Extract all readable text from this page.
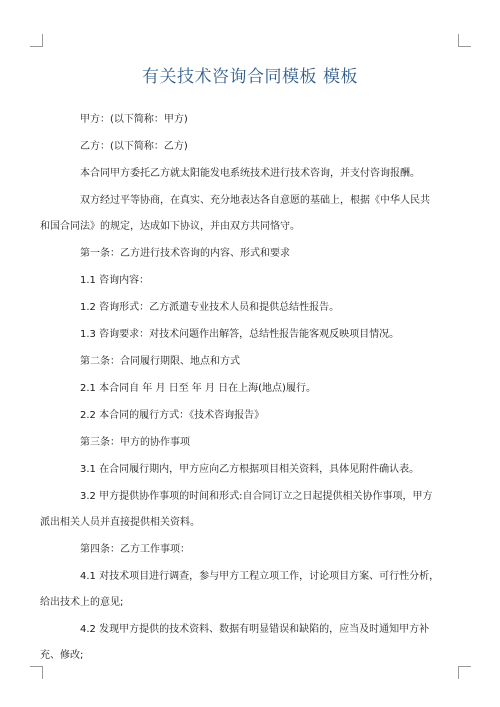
有关技术咨询合同模板 模板

甲方：(以下简称：甲方)

乙方：(以下简称：乙方)

本合同甲方委托乙方就太阳能发电系统技术进行技术咨询，并支付咨询报酬。

双方经过平等协商，在真实、充分地表达各自意愿的基础上，根据《中华人民共
和国合同法》的规定，达成如下协议，并由双方共同恪守。

第一条：乙方进行技术咨询的内容、形式和要求

1.1 咨询内容：

1.2 咨询形式：乙方派遣专业技术人员和提供总结性报告。

1.3 咨询要求：对技术问题作出解答，总结性报告能客观反映项目情况。

第二条：合同履行期限、地点和方式

2.1 本合同自 年 月 日至 年 月 日在上海(地点)履行。

2.2 本合同的履行方式：《技术咨询报告》

第三条：甲方的协作事项

3.1 在合同履行期内，甲方应向乙方根据项目相关资料，具体见附件确认表。

3.2 甲方提供协作事项的时间和形式:自合同订立之日起提供相关协作事项，甲方
派出相关人员并直接提供相关资料。

第四条：乙方工作事项：

4.1 对技术项目进行调查，参与甲方工程立项工作，讨论项目方案、可行性分析，
给出技术上的意见;

4.2 发现甲方提供的技术资料、数据有明显错误和缺陷的，应当及时通知甲方补
充、修改;
